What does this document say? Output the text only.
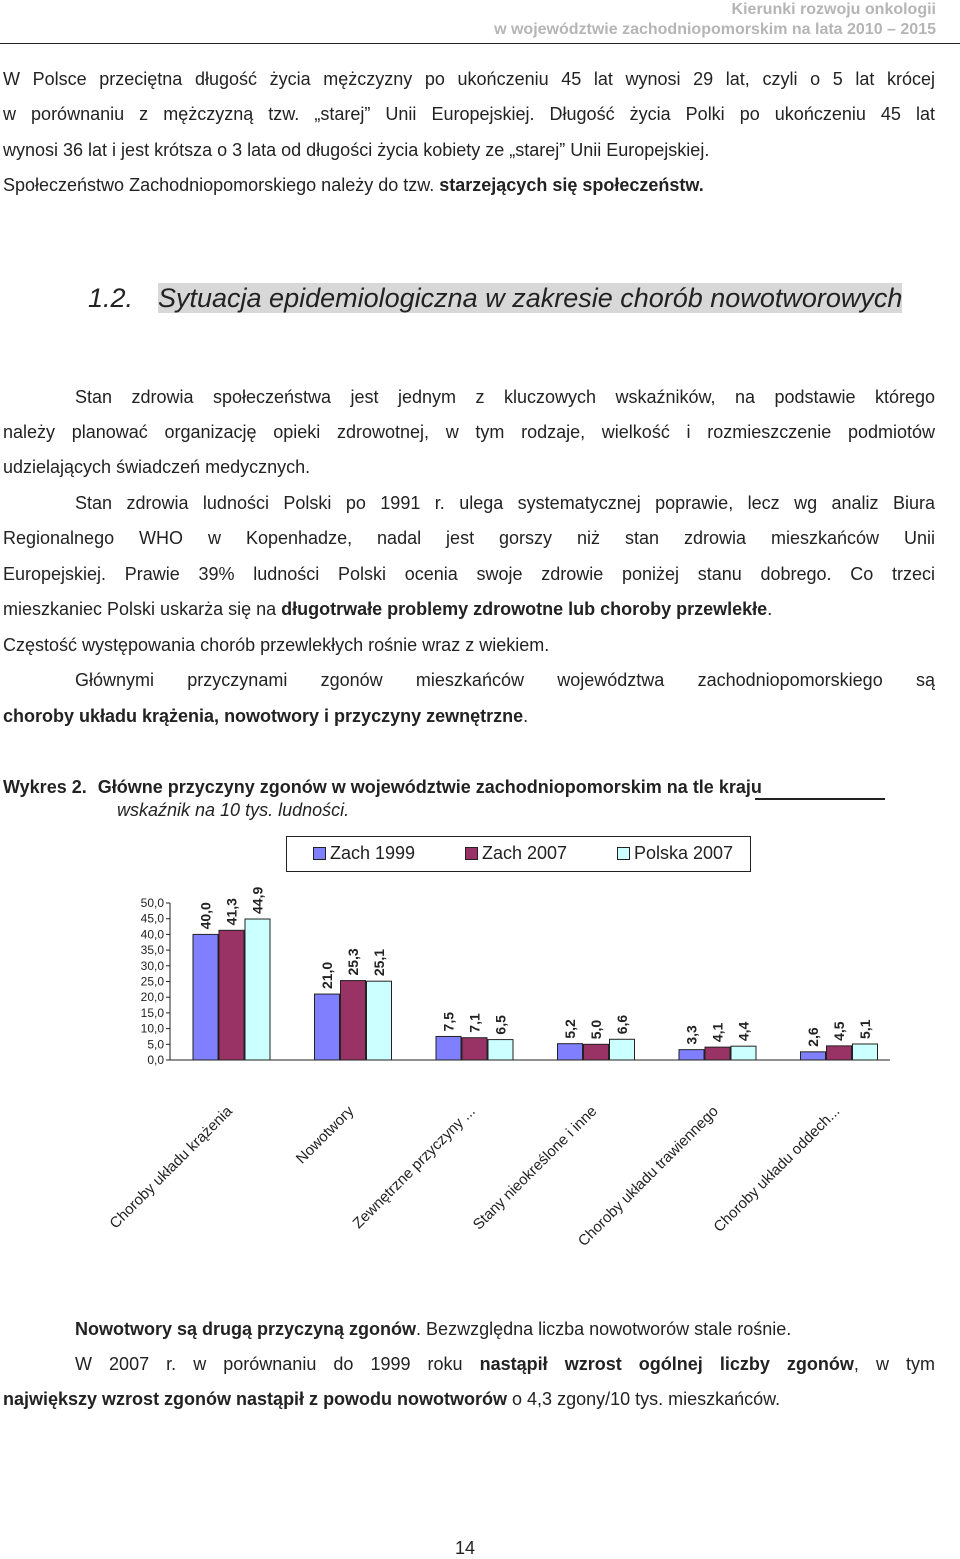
Kierunki rozwoju onkologii
w województwie zachodniopomorskim na lata 2010 – 2015

W Polsce przeciętna długość życia mężczyzny po ukończeniu 45 lat wynosi 29 lat, czyli o 5 lat krócej

w porównaniu z mężczyzną tzw. „starej” Unii Europejskiej. Długość życia Polki po ukończeniu 45 lat

wynosi 36 lat i jest krótsza o 3 lata od długości życia kobiety ze „starej” Unii Europejskiej.

Społeczeństwo Zachodniopomorskiego należy do tzw. starzejących się społeczeństw.

1.2. Sytuacja epidemiologiczna w zakresie chorób nowotworowych

Stan zdrowia społeczeństwa jest jednym z kluczowych wskaźników, na podstawie którego

należy planować organizację opieki zdrowotnej, w tym rodzaje, wielkość i rozmieszczenie podmiotów

udzielających świadczeń medycznych.

Stan zdrowia ludności Polski po 1991 r. ulega systematycznej poprawie, lecz wg analiz Biura

Regionalnego WHO w Kopenhadze, nadal jest gorszy niż stan zdrowia mieszkańców Unii

Europejskiej. Prawie 39% ludności Polski ocenia swoje zdrowie poniżej stanu dobrego. Co trzeci

mieszkaniec Polski uskarża się na długotrwałe problemy zdrowotne lub choroby przewlekłe.

Częstość występowania chorób przewlekłych rośnie wraz z wiekiem.

Głównymi przyczynami zgonów mieszkańców województwa zachodniopomorskiego są

choroby układu krążenia, nowotwory i przyczyny zewnętrzne.

Wykres 2. Główne przyczyny zgonów w województwie zachodniopomorskim na tle kraju
wskaźnik na 10 tys. ludności.
Zach 1999	Zach 2007	Polska 2007
0,0
5,0
10,0
15,0
20,0
25,0
30,0
35,0
40,0
45,0
50,0 40,0 41,3 44,9
Choroby układu krążenia
21,0 25,3 25,1
Nowotwory
7,5 7,1 6,5
Zewnętrzne przyczyny ...
5,2 5,0 6,6
Stany nieokreślone i inne
3,3 4,1 4,4
Choroby układu trawiennego
2,6 4,5 5,1
Choroby układu oddech...

Nowotwory są drugą przyczyną zgonów. Bezwzględna liczba nowotworów stale rośnie.

W 2007 r. w porównaniu do 1999 roku nastąpił wzrost ogólnej liczby zgonów, w tym

największy wzrost zgonów nastąpił z powodu nowotworów o 4,3 zgony/10 tys. mieszkańców.

14
